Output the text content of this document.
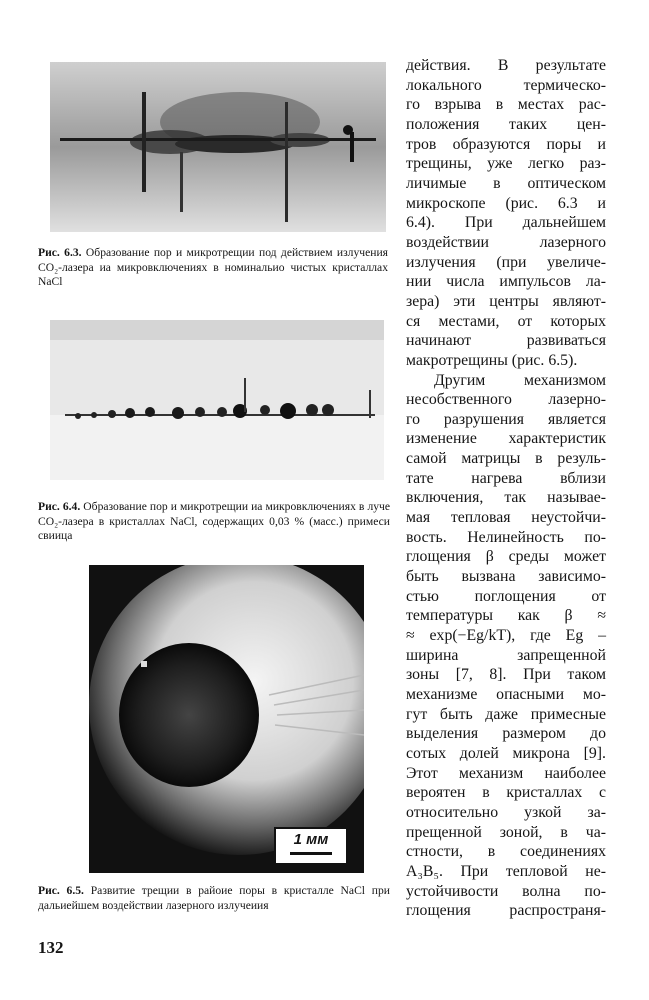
Рис. 6.3. Образование пор и микротрещии под действием излучения CO₂-лазера иа микровключениях в номинальио чистых кристаллах NaCl
Рис. 6.4. Образование пор и микротрещии иа микровключениях в луче CO₂-лазера в кристаллах NaCl, содержащих 0,03 % (масс.) примеси свиица
1 мм
Рис. 6.5. Развитие трещии в райоие поры в кристалле NaCl при дальиейшем воздействии лазерного излучеиия

действия. В результате

локального термическо-

го взрыва в местах рас-

положения таких цен-

тров образуются поры и

трещины, уже легко раз-

личимые в оптическом

микроскопе (рис. 6.3 и

6.4). При дальнейшем

воздействии лазерного

излучения (при увеличе-

нии числа импульсов ла-

зера) эти центры являют-

ся местами, от которых

начинают развиваться

макротрещины (рис. 6.5).

Другим механизмом

несобственного лазерно-

го разрушения является

изменение характеристик

самой матрицы в резуль-

тате нагрева вблизи

включения, так называе-

мая тепловая неустойчи-

вость. Нелинейность по-

глощения β среды может

быть вызвана зависимо-

стью поглощения от

температуры как β ≈

≈ exp(−Eg/kT), где Eg –

ширина запрещенной

зоны [7, 8]. При таком

механизме опасными мо-

гут быть даже примесные

выделения размером до

сотых долей микрона [9].

Этот механизм наиболее

вероятен в кристаллах с

относительно узкой за-

прещенной зоной, в ча-

стности, в соединениях

A₃B₅. При тепловой не-

устойчивости волна по-

глощения распространя-

132
